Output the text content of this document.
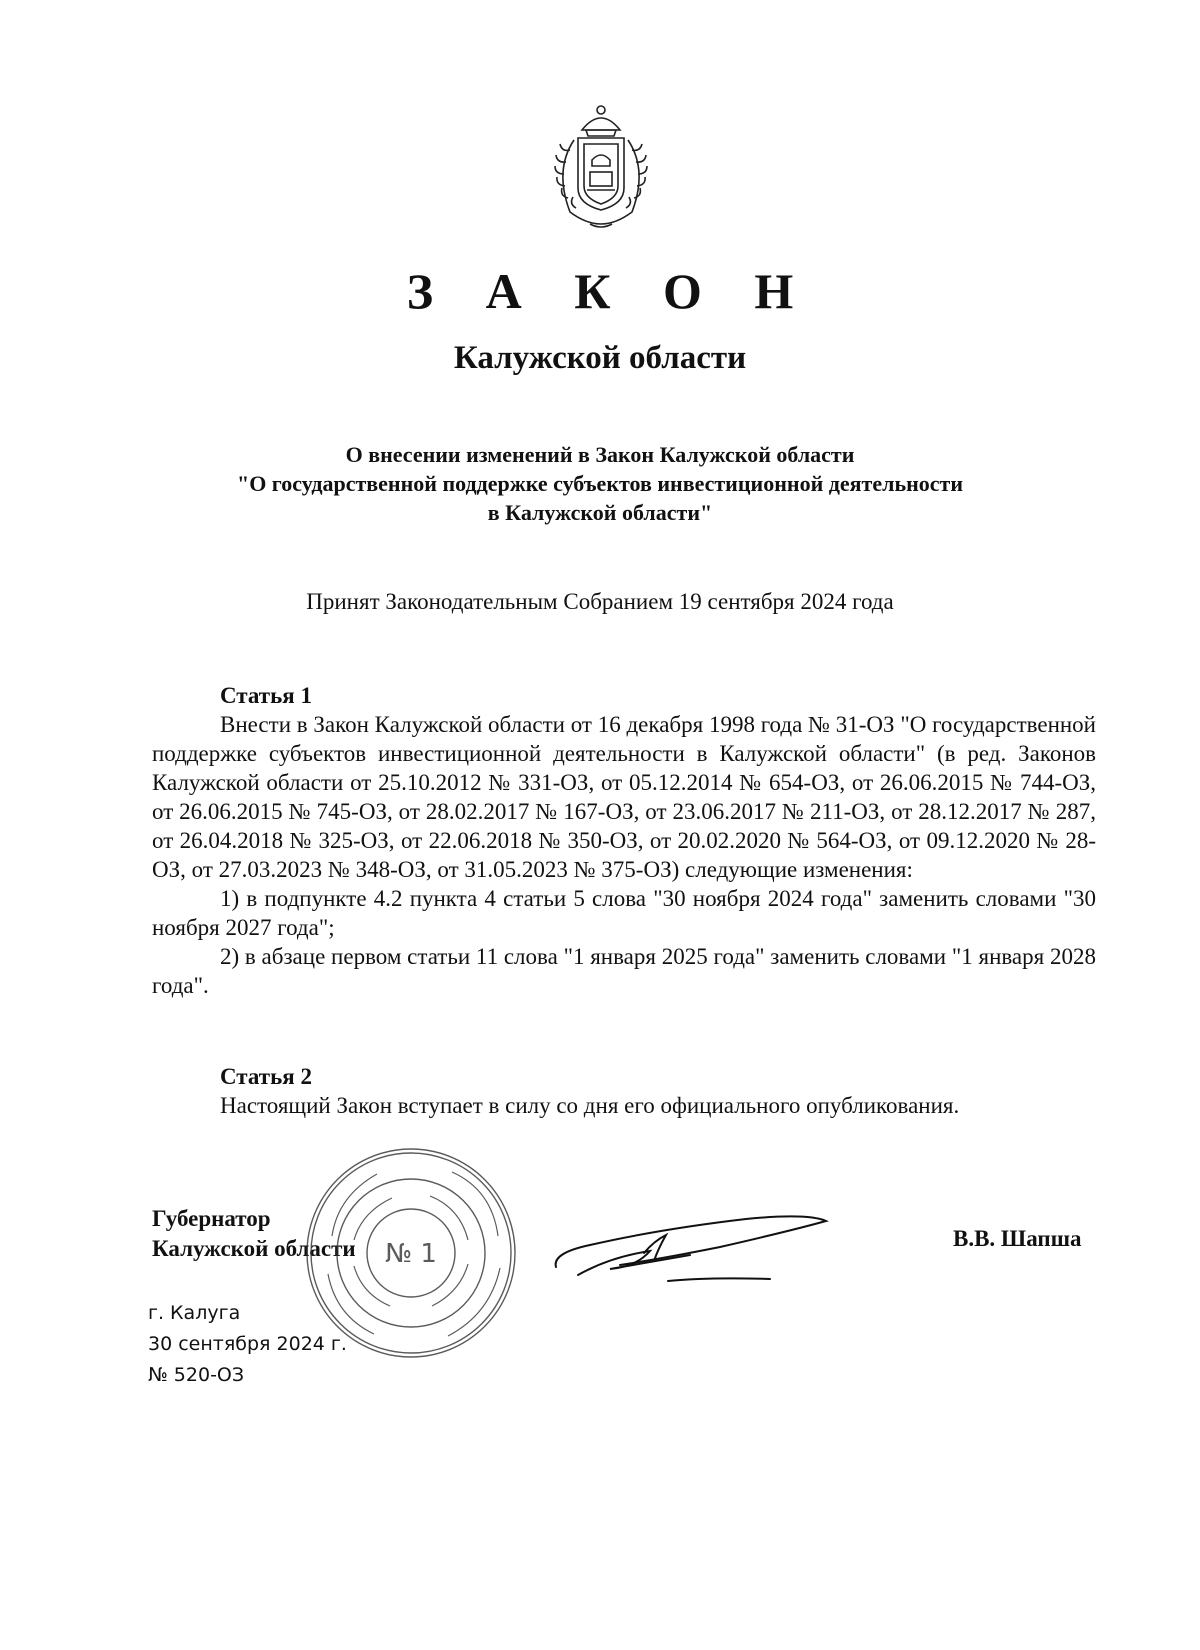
З А К О Н
Калужской области
О внесении изменений в Закон Калужской области
"О государственной поддержке субъектов инвестиционной деятельности
в Калужской области"
Принят Законодательным Собранием 19 сентября 2024 года
Статья 1
Внести в Закон Калужской области от 16 декабря 1998 года № 31-ОЗ "О государственной поддержке субъектов инвестиционной деятельности в Калужской области" (в ред. Законов Калужской области от 25.10.2012 № 331-ОЗ, от 05.12.2014 № 654-ОЗ, от 26.06.2015 № 744-ОЗ, от 26.06.2015 № 745-ОЗ, от 28.02.2017 № 167-ОЗ, от 23.06.2017 № 211-ОЗ, от 28.12.2017 № 287, от 26.04.2018 № 325-ОЗ, от 22.06.2018 № 350-ОЗ, от 20.02.2020 № 564-ОЗ, от 09.12.2020 № 28-ОЗ, от 27.03.2023 № 348-ОЗ, от 31.05.2023 № 375-ОЗ) следующие изменения:
1) в подпункте 4.2 пункта 4 статьи 5 слова "30 ноября 2024 года" заменить словами "30 ноября 2027 года";
2) в абзаце первом статьи 11 слова "1 января 2025 года" заменить словами "1 января 2028 года".
Статья 2
Настоящий Закон вступает в силу со дня его официального опубликования.
Губернатор
Калужской области	В.В. Шапша
г. Калуга
30 сентября 2024 г.
№ 520-ОЗ
№ 1
